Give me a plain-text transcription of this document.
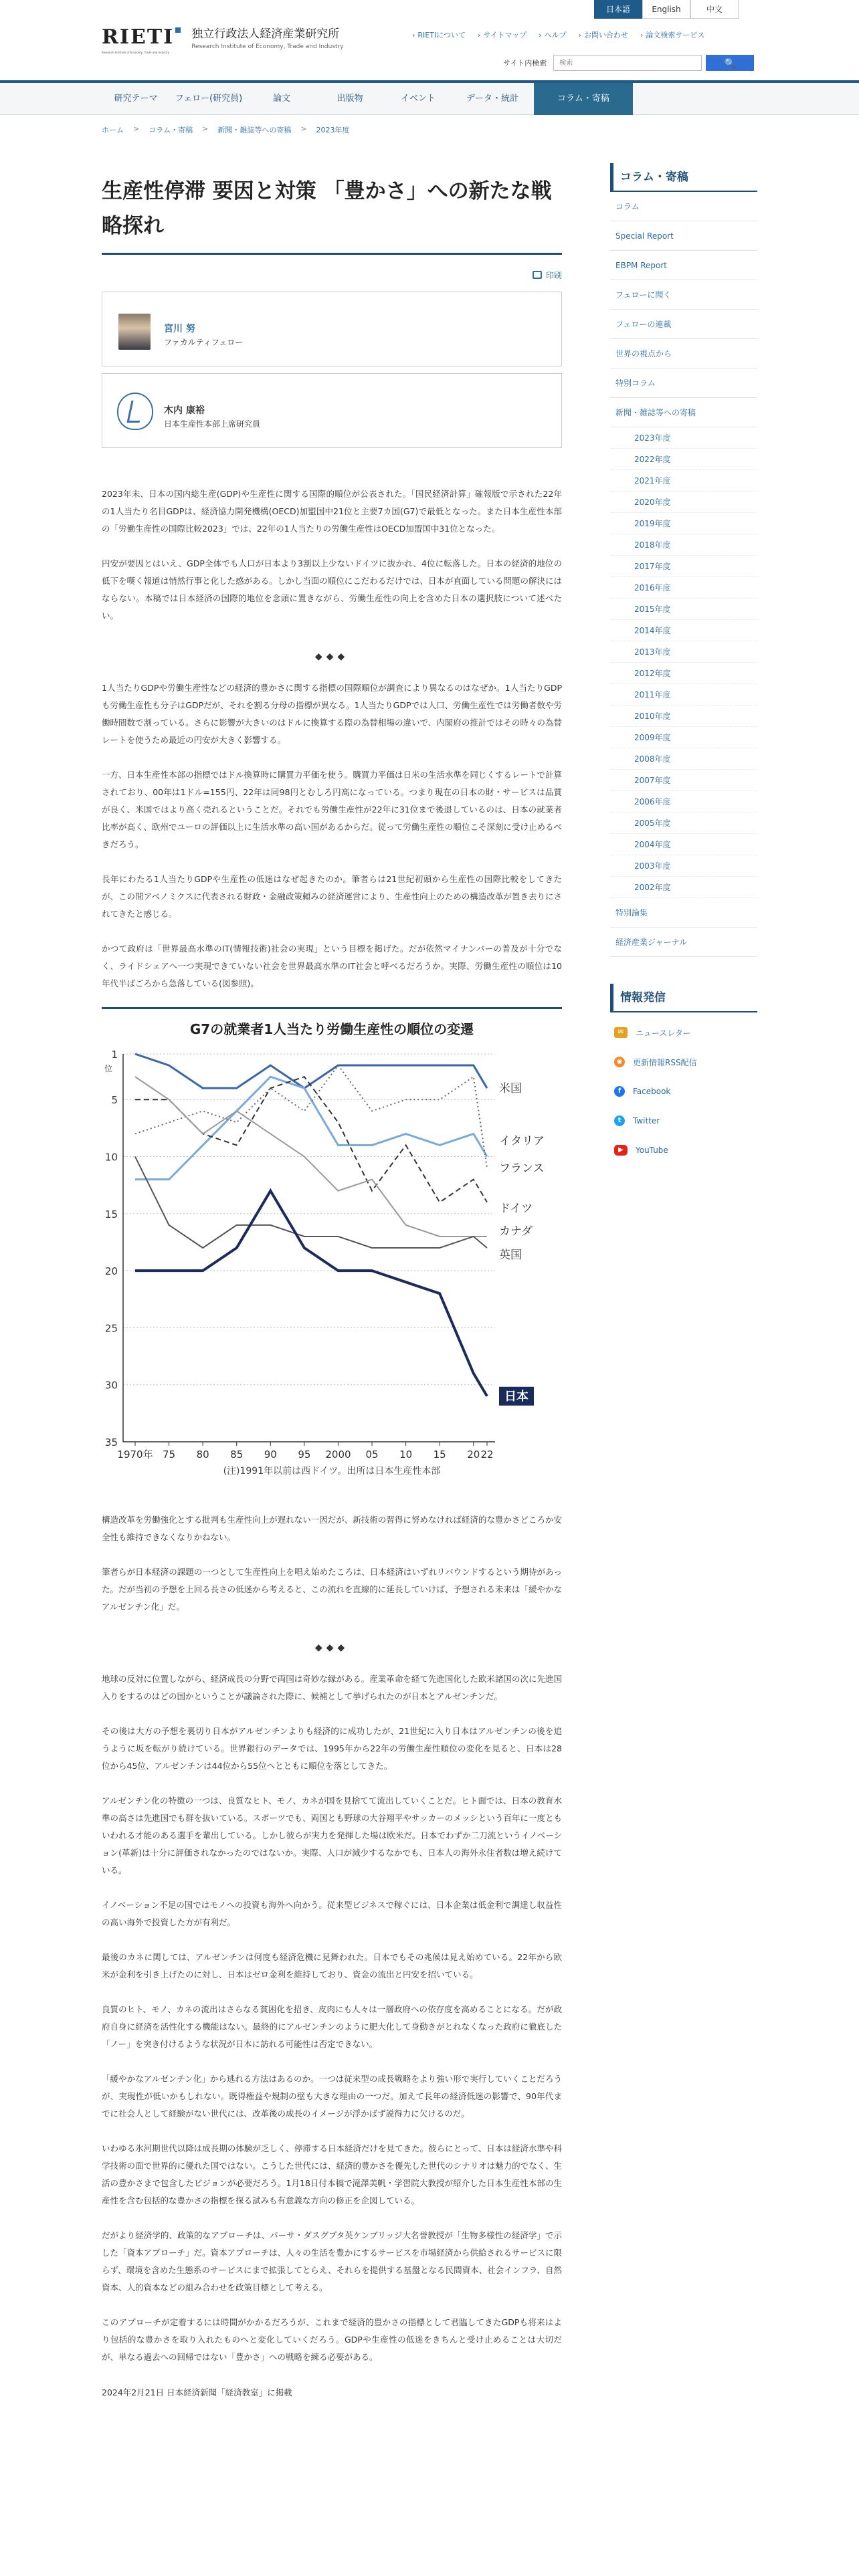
RIETI
Research Institute of Economy, Trade and Industry
独立行政法人経済産業研究所
Research Institute of Economy, Trade and Industry
日本語	English	中文
› RIETIについて	› サイトマップ	› ヘルプ	› お問い合わせ	› 論文検索サービス
サイト内検索
検索	🔍
研究テーマ	フェロー(研究員)	論文	出版物	イベント	データ・統計	コラム・寄稿
ホーム > コラム・寄稿 > 新聞・雑誌等への寄稿 > 2023年度
生産性停滞 要因と対策 「豊かさ」への新たな戦略探れ
印刷
宮川 努
ファカルティフェロー
木内 康裕
日本生産性本部上席研究員

2023年末、日本の国内総生産(GDP)や生産性に関する国際的順位が公表された。「国民経済計算」確報版で示された22年の1人当たり名目GDPは、経済協力開発機構(OECD)加盟国中21位と主要7カ国(G7)で最低となった。また日本生産性本部の「労働生産性の国際比較2023」では、22年の1人当たりの労働生産性はOECD加盟国中31位となった。

円安が要因とはいえ、GDP全体でも人口が日本より3割以上少ないドイツに抜かれ、4位に転落した。日本の経済的地位の低下を嘆く報道は悄然行事と化した感がある。しかし当面の順位にこだわるだけでは、日本が直面している問題の解決にはならない。本稿では日本経済の国際的地位を念頭に置きながら、労働生産性の向上を含めた日本の選択肢について述べたい。

◆◆◆

1人当たりGDPや労働生産性などの経済的豊かさに関する指標の国際順位が調査により異なるのはなぜか。1人当たりGDPも労働生産性も分子はGDPだが、それを割る分母の指標が異なる。1人当たりGDPでは人口、労働生産性では労働者数や労働時間数で割っている。さらに影響が大きいのはドルに換算する際の為替相場の違いで、内閣府の推計ではその時々の為替レートを使うため最近の円安が大きく影響する。

一方、日本生産性本部の指標ではドル換算時に購買力平価を使う。購買力平価は日米の生活水準を同じくするレートで計算されており、00年は1ドル=155円、22年は同98円とむしろ円高になっている。つまり現在の日本の財・サービスは品質が良く、米国ではより高く売れるということだ。それでも労働生産性が22年に31位まで後退しているのは、日本の就業者比率が高く、欧州でユーロの評価以上に生活水準の高い国があるからだ。従って労働生産性の順位こそ深刻に受け止めるべきだろう。

長年にわたる1人当たりGDPや生産性の低迷はなぜ起きたのか。筆者らは21世紀初頭から生産性の国際比較をしてきたが、この間アベノミクスに代表される財政・金融政策頼みの経済運営により、生産性向上のための構造改革が置き去りにされてきたと感じる。

かつて政府は「世界最高水準のIT(情報技術)社会の実現」という目標を掲げた。だが依然マイナンバーの普及が十分でなく、ライドシェアへ一つ実現できていない社会を世界最高水準のIT社会と呼べるだろうか。実際、労働生産性の順位は10年代半ばごろから急落している(図参照)。

G7の就業者1人当たり労働生産性の順位の変遷
1
5
10
15
20
25
30
35
位
1970年 75 80 85 90 95 2000 05 10 15 20 22
米国
イタリア
フランス
ドイツ
カナダ
英国
日本
(注)1991年以前は西ドイツ。出所は日本生産性本部

構造改革を労働強化とする批判も生産性向上が遅れない一因だが、新技術の習得に努めなければ経済的な豊かさどころか安全性も維持できなくなりかねない。

筆者らが日本経済の課題の一つとして生産性向上を唱え始めたころは、日本経済はいずれリバウンドするという期待があった。だが当初の予想を上回る長さの低迷から考えると、この流れを直線的に延長していけば、予想される未来は「緩やかなアルゼンチン化」だ。

◆◆◆

地球の反対に位置しながら、経済成長の分野で両国は奇妙な縁がある。産業革命を経て先進国化した欧米諸国の次に先進国入りをするのはどの国かということが議論された際に、候補として挙げられたのが日本とアルゼンチンだ。

その後は大方の予想を裏切り日本がアルゼンチンよりも経済的に成功したが、21世紀に入り日本はアルゼンチンの後を追うように坂を転がり続けている。世界銀行のデータでは、1995年から22年の労働生産性順位の変化を見ると、日本は28位から45位、アルゼンチンは44位から55位へとともに順位を落としてきた。

アルゼンチン化の特徴の一つは、良質なヒト、モノ、カネが国を見捨てて流出していくことだ。ヒト面では、日本の教育水準の高さは先進国でも群を抜いている。スポーツでも、両国とも野球の大谷翔平やサッカーのメッシという百年に一度ともいわれる才能のある選手を輩出している。しかし彼らが実力を発揮した場は欧米だ。日本でわずか二刀流というイノベーション(革新)は十分に評価されなかったのではないか。実際、人口が減少するなかでも、日本人の海外永住者数は増え続けている。

イノベーション不足の国ではモノへの投資も海外へ向かう。従来型ビジネスで稼ぐには、日本企業は低金利で調達し収益性の高い海外で投資した方が有利だ。

最後のカネに関しては、アルゼンチンは何度も経済危機に見舞われた。日本でもその兆候は見え始めている。22年から欧米が金利を引き上げたのに対し、日本はゼロ金利を維持しており、資金の流出と円安を招いている。

良質のヒト、モノ、カネの流出はさらなる貧困化を招き、皮肉にも人々は一層政府への依存度を高めることになる。だが政府自身に経済を活性化する機能はない。最終的にアルゼンチンのように肥大化して身動きがとれなくなった政府に徹底した「ノー」を突き付けるような状況が日本に訪れる可能性は否定できない。

「緩やかなアルゼンチン化」から逃れる方法はあるのか。一つは従来型の成長戦略をより強い形で実行していくことだろうが、実現性が低いかもしれない。既得権益や規制の壁も大きな理由の一つだ。加えて長年の経済低迷の影響で、90年代までに社会人として経験がない世代には、改革後の成長のイメージが浮かばず説得力に欠けるのだ。

いわゆる氷河期世代以降は成長期の体験が乏しく、停滞する日本経済だけを見てきた。彼らにとって、日本は経済水準や科学技術の面で世界的に優れた国ではない。こうした世代には、経済的豊かさを優先した世代のシナリオは魅力的でなく、生活の豊かさまで包含したビジョンが必要だろう。1月18日付本稿で滝澤美帆・学習院大教授が紹介した日本生産性本部の生産性を含む包括的な豊かさの指標を探る試みも有意義な方向の修正を企図している。

だがより経済学的、政策的なアプローチは、パーサ・ダスグプタ英ケンブリッジ大名誉教授が「生物多様性の経済学」で示した「資本アプローチ」だ。資本アプローチは、人々の生活を豊かにするサービスを市場経済から供給されるサービスに限らず、環境を含めた生態系のサービスにまで拡張してとらえ、それらを提供する基盤となる民間資本、社会インフラ、自然資本、人的資本などの組み合わせを政策目標として考える。

このアプローチが定着するには時間がかかるだろうが、これまで経済的豊かさの指標として君臨してきたGDPも将来はより包括的な豊かさを取り入れたものへと変化していくだろう。GDPや生産性の低迷をきちんと受け止めることは大切だが、単なる過去への回帰ではない「豊かさ」への戦略を練る必要がある。

2024年2月21日 日本経済新聞「経済教室」に掲載

コラム・寄稿
コラム
Special Report
EBPM Report
フェローに聞く
フェローの連載
世界の視点から
特別コラム
新聞・雑誌等への寄稿
2023年度
2022年度
2021年度
2020年度
2019年度
2018年度
2017年度
2016年度
2015年度
2014年度
2013年度
2012年度
2011年度
2010年度
2009年度
2008年度
2007年度
2006年度
2005年度
2004年度
2003年度
2002年度
特別論集
経済産業ジャーナル
情報発信
✉	ニュースレター
◉	更新情報RSS配信
f	Facebook
t	Twitter
▶	YouTube
